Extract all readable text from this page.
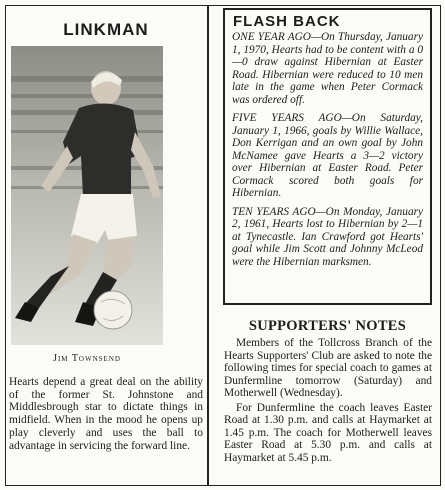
LINKMAN
Jim Townsend
Hearts depend a great deal on the ability of the former St. Johnstone and Middlesbrough star to dictate things in midfield. When in the mood he opens up play cleverly and uses the ball to advantage in servicing the forward line.
FLASH BACK

ONE YEAR AGO—On Thursday, January 1, 1970, Hearts had to be content with a 0—0 draw against Hibernian at Easter Road. Hibernian were reduced to 10 men late in the game when Peter Cormack was ordered off.

FIVE YEARS AGO—On Saturday, January 1, 1966, goals by Willie Wallace, Don Kerrigan and an own goal by John McNamee gave Hearts a 3—2 victory over Hibernian at Easter Road. Peter Cormack scored both goals for Hibernian.

TEN YEARS AGO—On Monday, January 2, 1961, Hearts lost to Hibernian by 2—1 at Tynecastle. Ian Crawford got Hearts' goal while Jim Scott and Johnny McLeod were the Hibernian marksmen.

SUPPORTERS' NOTES

Members of the Tollcross Branch of the Hearts Supporters' Club are asked to note the following times for special coach to games at Dunfermline tomorrow (Saturday) and Motherwell (Wednesday).

For Dunfermline the coach leaves Easter Road at 1.30 p.m. and calls at Haymarket at 1.45 p.m. The coach for Motherwell leaves Easter Road at 5.30 p.m. and calls at Haymarket at 5.45 p.m.
